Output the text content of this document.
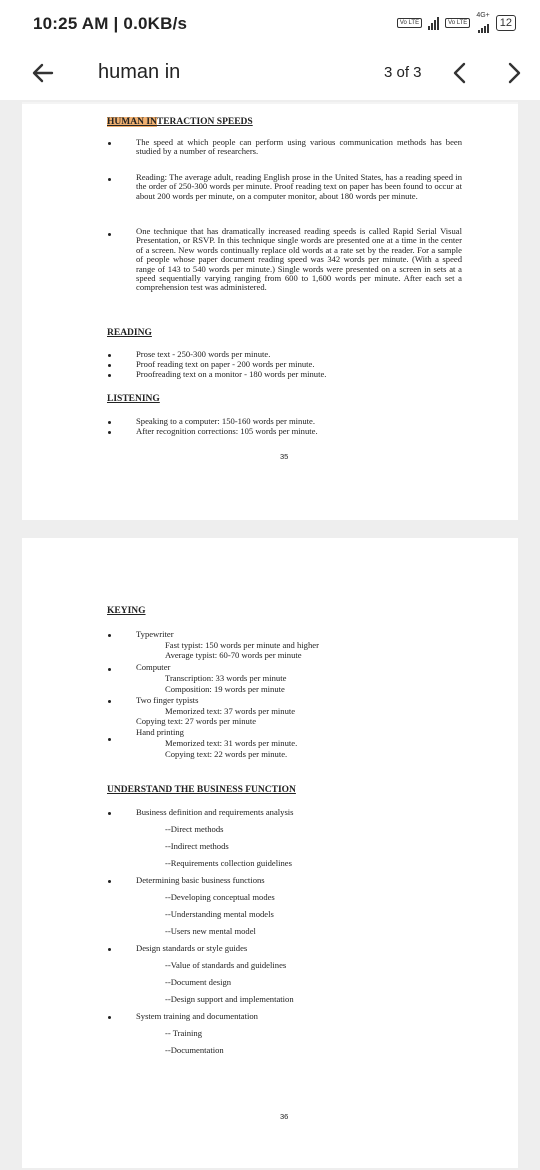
10:25 AM | 0.0KB/s	Vo LTE	Vo LTE
4G+
12
human in	3 of 3
HUMAN INTERACTION SPEEDS
The speed at which people can perform using various communication methods has been studied by a number of researchers.
Reading: The average adult, reading English prose in the United States, has a reading speed in the order of 250-300 words per minute. Proof reading text on paper has been found to occur at about 200 words per minute, on a computer monitor, about 180 words per minute.
One technique that has dramatically increased reading speeds is called Rapid Serial Visual Presentation, or RSVP. In this technique single words are presented one at a time in the center of a screen. New words continually replace old words at a rate set by the reader. For a sample of people whose paper document reading speed was 342 words per minute. (With a speed range of 143 to 540 words per minute.) Single words were presented on a screen in sets at a speed sequentially varying ranging from 600 to 1,600 words per minute. After each set a comprehension test was administered.
READING
Prose text - 250-300 words per minute.
Proof reading text on paper - 200 words per minute.
Proofreading text on a monitor - 180 words per minute.
LISTENING
Speaking to a computer: 150-160 words per minute.
After recognition corrections: 105 words per minute.
35
KEYING
Typewriter
Fast typist: 150 words per minute and higher
Average typist: 60-70 words per minute
Computer
Transcription: 33 words per minute
Composition: 19 words per minute
Two finger typists
Memorized text: 37 words per minute
Copying text: 27 words per minute
Hand printing
Memorized text: 31 words per minute.
Copying text: 22 words per minute.
UNDERSTAND THE BUSINESS FUNCTION
Business definition and requirements analysis
--Direct methods
--Indirect methods
--Requirements collection guidelines
Determining basic business functions
--Developing conceptual modes
--Understanding mental models
--Users new mental model
Design standards or style guides
--Value of standards and guidelines
--Document design
--Design support and implementation
System training and documentation
-- Training
--Documentation
36
